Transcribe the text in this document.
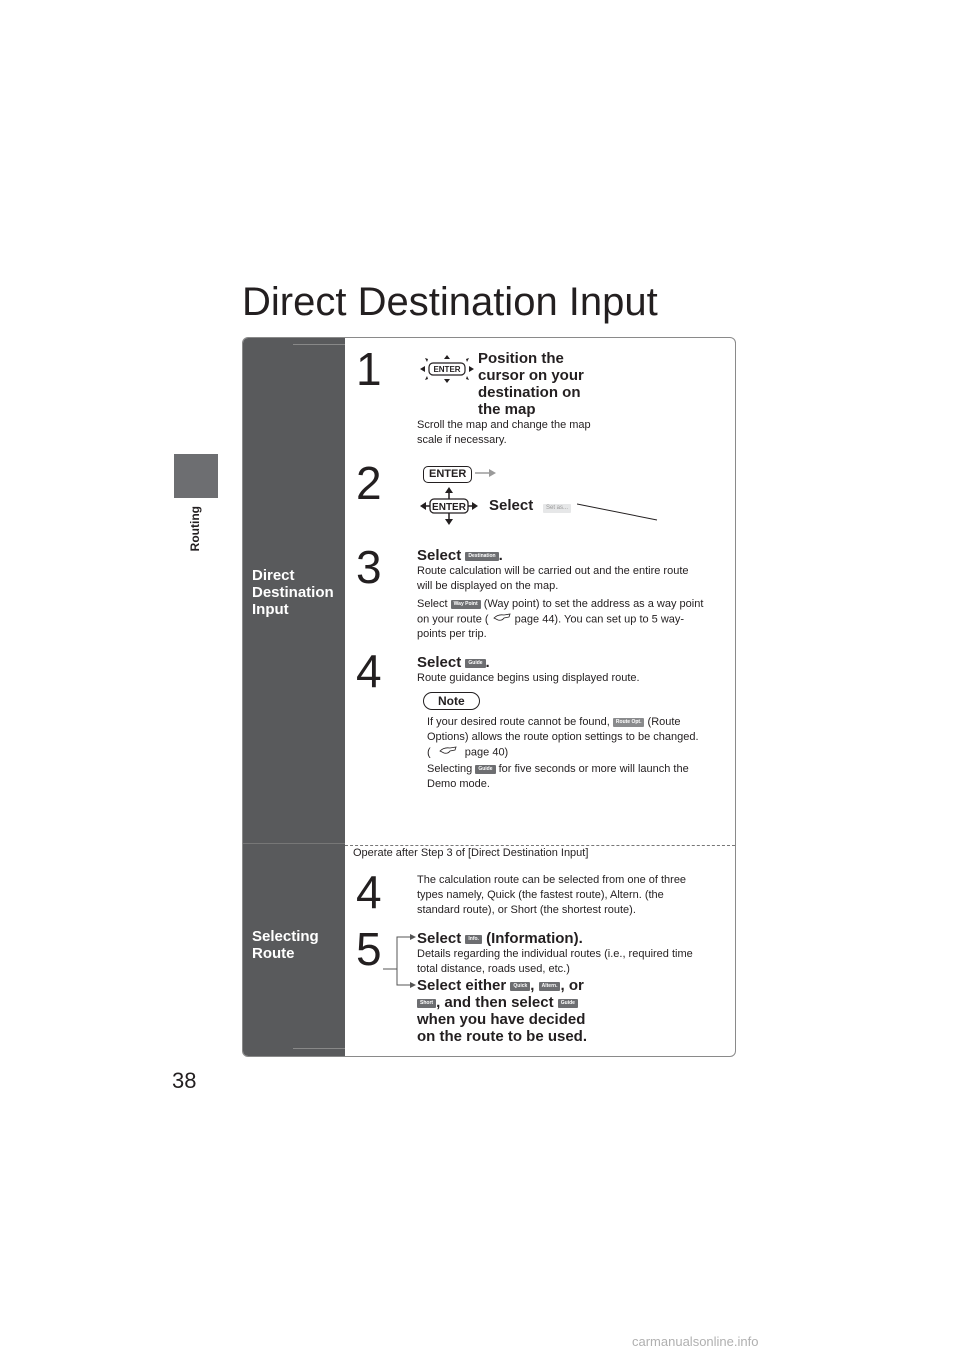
Routing
38
Direct Destination Input
Direct
Destination
Input
Selecting
Route
1	ENTER
Position the
cursor on your
destination on
the map
Scroll the map and change the map
scale if necessary.
2	ENTER
ENTER Select	Set as...
3 Select Destination .
Route calculation will be carried out and the entire route
will be displayed on the map.
Select Way Point (Way point) to set the address as a way point
on your route ( page 44). You can set up to 5 way-
points per trip.
4 Select Guide .
Route guidance begins using displayed route.
Note
If your desired route cannot be found, Route Opt. (Route
Options) allows the route option settings to be changed.
(	page 40)
Selecting Guide for five seconds or more will launch the
Demo mode.
Operate after Step 3 of [Direct Destination Input]
4	The calculation route can be selected from one of three
types namely, Quick (the fastest route), Altern. (the
standard route), or Short (the shortest route).
5 Select Info. (Information).
Details regarding the individual routes (i.e., required time
total distance, roads used, etc.)
Select either Quick , Altern. , or
Short , and then select Guide
when you have decided
on the route to be used.
carmanualsonline.info
